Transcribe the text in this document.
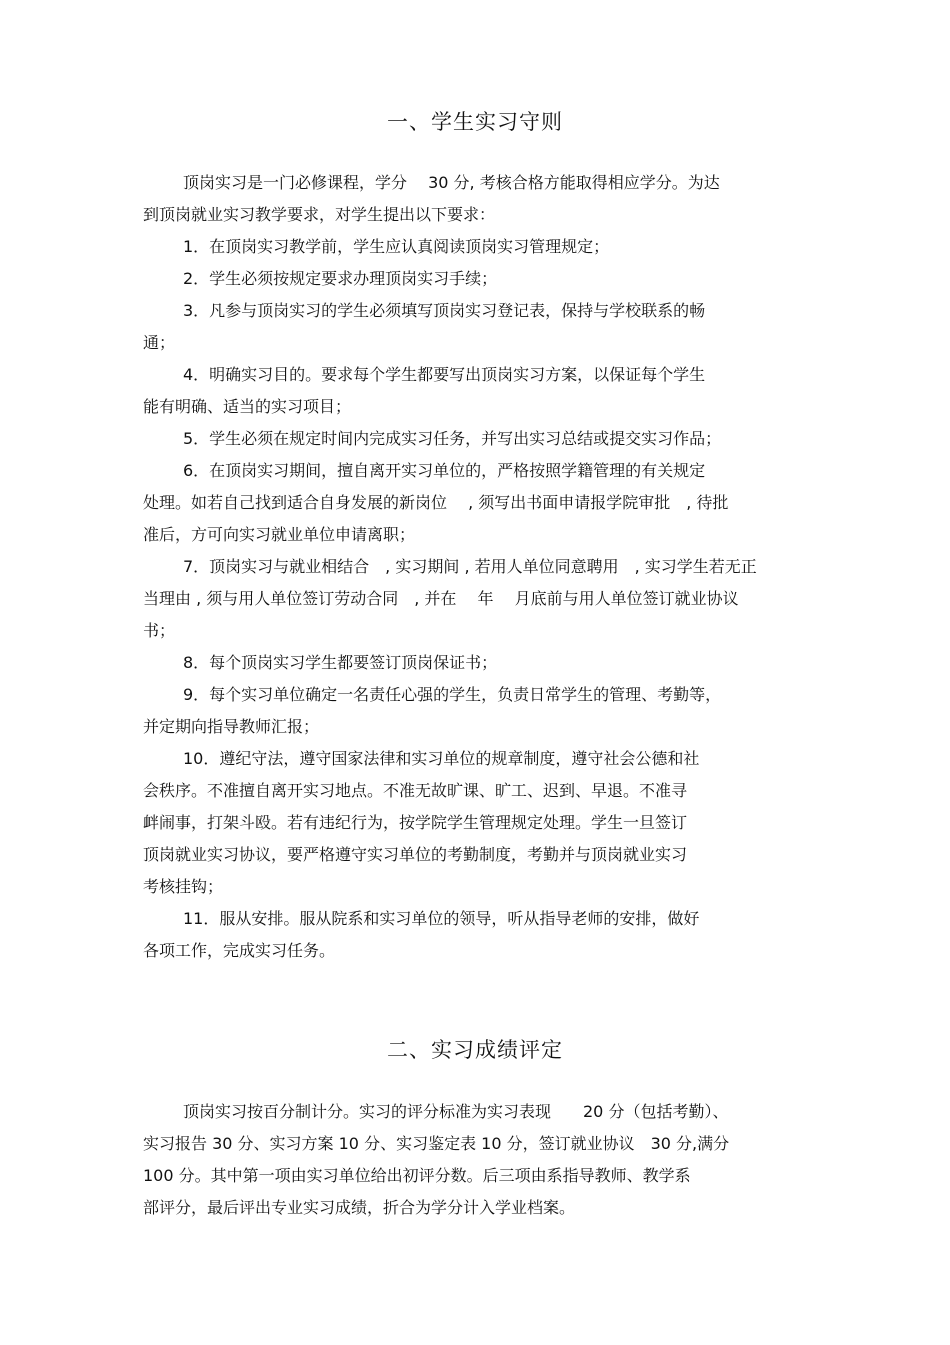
一、学生实习守则
顶岗实习是一门必修课程，学分　 30 分, 考核合格方能取得相应学分。为达
到顶岗就业实习教学要求，对学生提出以下要求：
1．在顶岗实习教学前，学生应认真阅读顶岗实习管理规定；
2．学生必须按规定要求办理顶岗实习手续；
3．凡参与顶岗实习的学生必须填写顶岗实习登记表，保持与学校联系的畅
通；
4．明确实习目的。要求每个学生都要写出顶岗实习方案，以保证每个学生
能有明确、适当的实习项目；
5．学生必须在规定时间内完成实习任务，并写出实习总结或提交实习作品；
6．在顶岗实习期间，擅自离开实习单位的，严格按照学籍管理的有关规定
处理。如若自己找到适合自身发展的新岗位　 , 须写出书面申请报学院审批　, 待批
准后，方可向实习就业单位申请离职；
7．顶岗实习与就业相结合　, 实习期间 , 若用人单位同意聘用　, 实习学生若无正
当理由 , 须与用人单位签订劳动合同　, 并在　 年　 月底前与用人单位签订就业协议
书；
8．每个顶岗实习学生都要签订顶岗保证书；
9．每个实习单位确定一名责任心强的学生，负责日常学生的管理、考勤等，
并定期向指导教师汇报；
10．遵纪守法，遵守国家法律和实习单位的规章制度，遵守社会公德和社
会秩序。不准擅自离开实习地点。不准无故旷课、旷工、迟到、早退。不准寻
衅闹事，打架斗殴。若有违纪行为，按学院学生管理规定处理。学生一旦签订
顶岗就业实习协议，要严格遵守实习单位的考勤制度，考勤并与顶岗就业实习
考核挂钩；
11．服从安排。服从院系和实习单位的领导，听从指导老师的安排，做好
各项工作，完成实习任务。
二、实习成绩评定
顶岗实习按百分制计分。实习的评分标准为实习表现　　20 分（包括考勤）、
实习报告 30 分、实习方案 10 分、实习鉴定表 10 分，签订就业协议　30 分,满分
100 分。其中第一项由实习单位给出初评分数。后三项由系指导教师、教学系
部评分，最后评出专业实习成绩，折合为学分计入学业档案。
